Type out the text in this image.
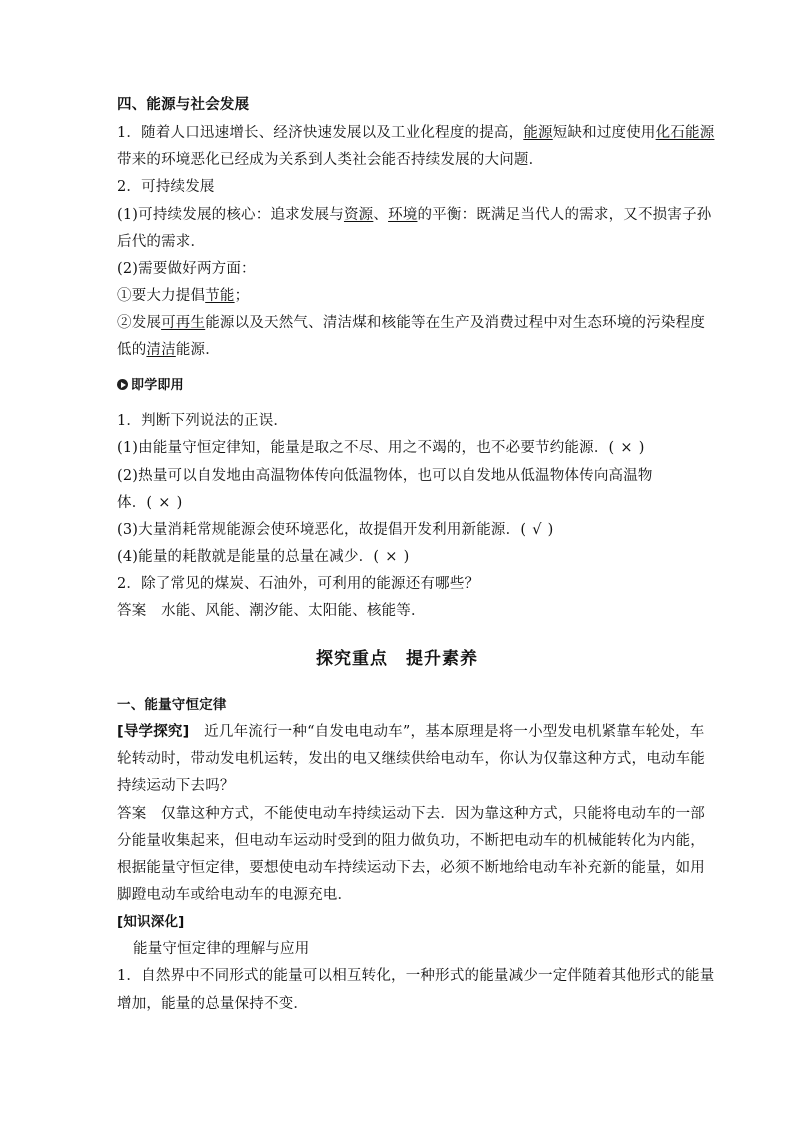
四、能源与社会发展
1．随着人口迅速增长、经济快速发展以及工业化程度的提高，能源短缺和过度使用化石能源
带来的环境恶化已经成为关系到人类社会能否持续发展的大问题．
2．可持续发展
(1)可持续发展的核心：追求发展与资源、环境的平衡：既满足当代人的需求，又不损害子孙
后代的需求．
(2)需要做好两方面：
①要大力提倡节能；
②发展可再生能源以及天然气、清洁煤和核能等在生产及消费过程中对生态环境的污染程度
低的清洁能源．
即学即用
1．判断下列说法的正误．
(1)由能量守恒定律知，能量是取之不尽、用之不竭的，也不必要节约能源．( × )
(2)热量可以自发地由高温物体传向低温物体，也可以自发地从低温物体传向高温物
体．( × )
(3)大量消耗常规能源会使环境恶化，故提倡开发利用新能源．( √ )
(4)能量的耗散就是能量的总量在减少．( × )
2．除了常见的煤炭、石油外，可利用的能源还有哪些？
答案　水能、风能、潮汐能、太阳能、核能等．
探究重点　提升素养
一、能量守恒定律
[导学探究]　近几年流行一种“自发电电动车”，基本原理是将一小型发电机紧靠车轮处，车
轮转动时，带动发电机运转，发出的电又继续供给电动车，你认为仅靠这种方式，电动车能
持续运动下去吗？
答案　仅靠这种方式，不能使电动车持续运动下去．因为靠这种方式，只能将电动车的一部
分能量收集起来，但电动车运动时受到的阻力做负功，不断把电动车的机械能转化为内能，
根据能量守恒定律，要想使电动车持续运动下去，必须不断地给电动车补充新的能量，如用
脚蹬电动车或给电动车的电源充电．
[知识深化]
能量守恒定律的理解与应用
1．自然界中不同形式的能量可以相互转化，一种形式的能量减少一定伴随着其他形式的能量
增加，能量的总量保持不变．
